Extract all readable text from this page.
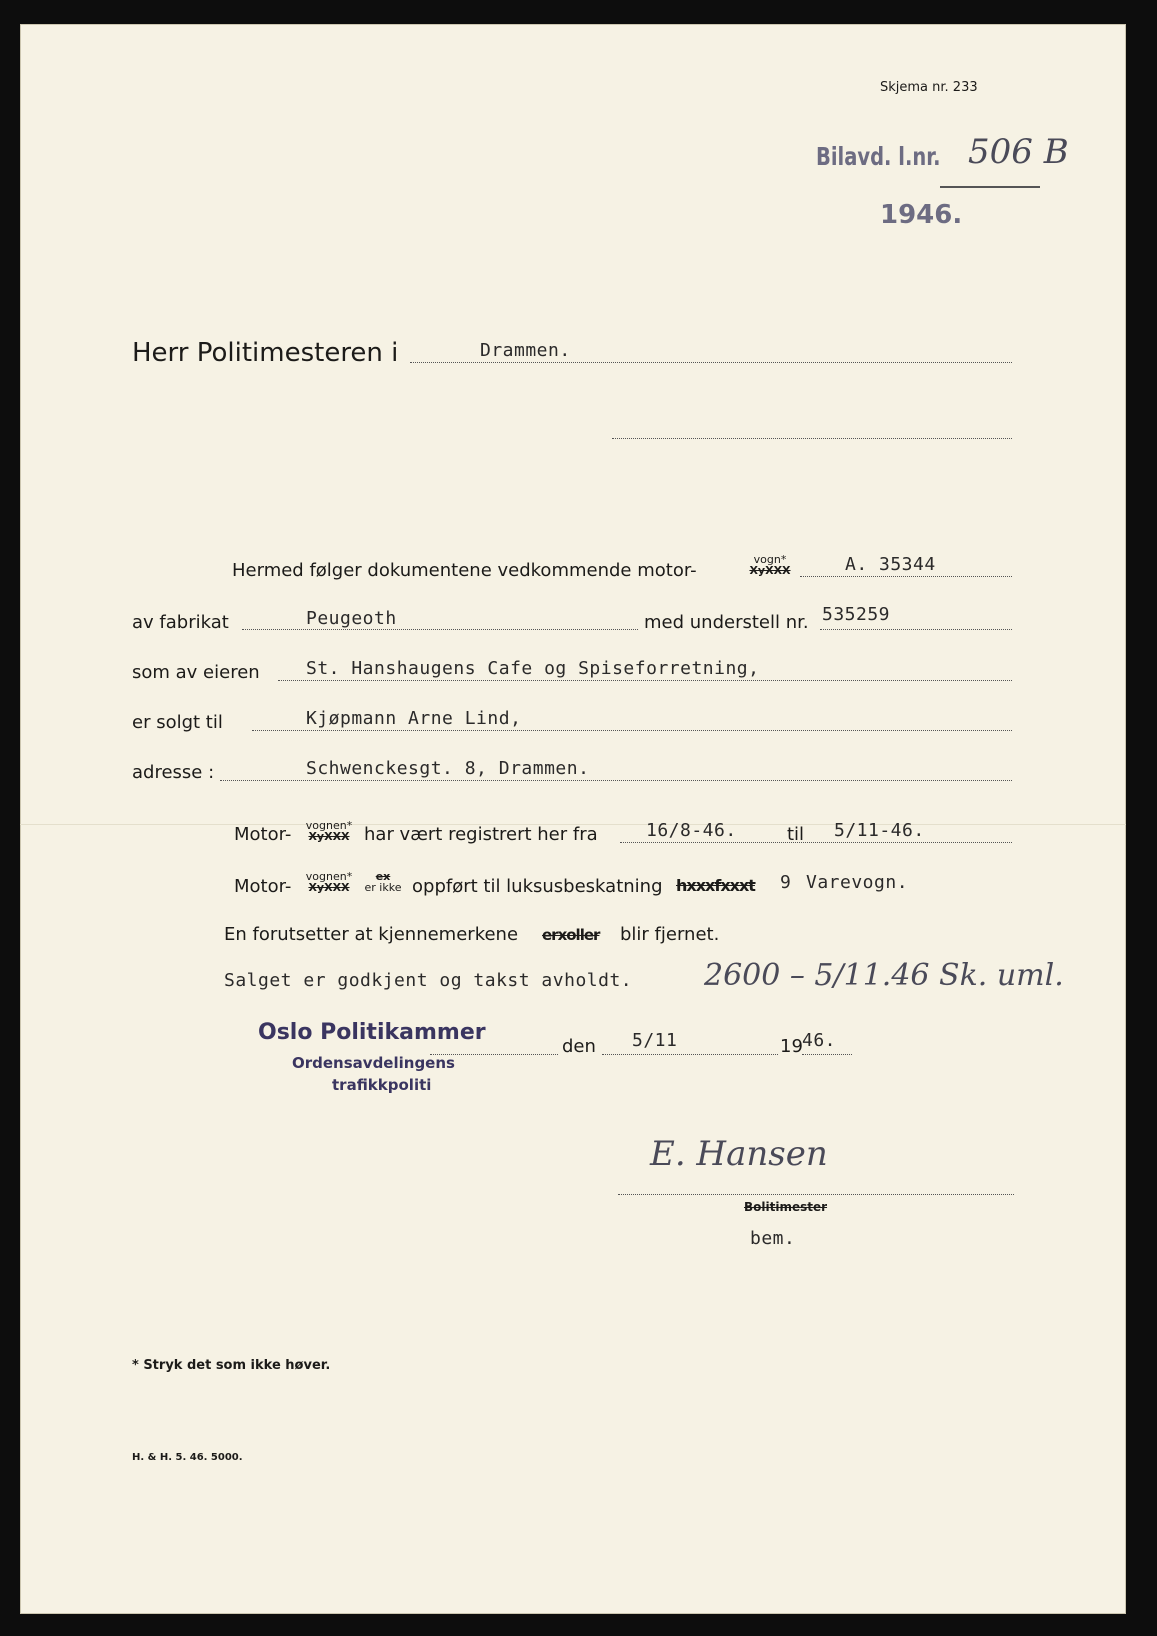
Skjema nr. 233
Bilavd. l.nr. 506 B
1946.
Herr Politimesteren i	Drammen.
Hermed følger dokumentene vedkommende motor-
vogn*
XyXXX	A. 35344
av fabrikat	Peugeoth	med understell nr. 535259
som av eieren	St. Hanshaugens Cafe og Spiseforretning,
er solgt til	Kjøpmann Arne Lind,
adresse :	Schwenckesgt. 8, Drammen.
Motor- vognen*
XyXXX har vært registrert her fra	16/8-46.	til 5/11-46.
Motor- vognen*
XyXXX
ex
er ikke oppført til luksusbeskatning hxxxfxxxt 9 Varevogn.
En forutsetter at kjennemerkene erxoller blir fjernet.
Salget er godkjent og takst avholdt. 2600 – 5/11.46 Sk. uml.
Oslo Politikammer
Ordensavdelingens
trafikkpoliti
den 5/11	19 46.
E. Hansen
Bolitimester
bem.
* Stryk det som ikke høver.
H. & H. 5. 46. 5000.
